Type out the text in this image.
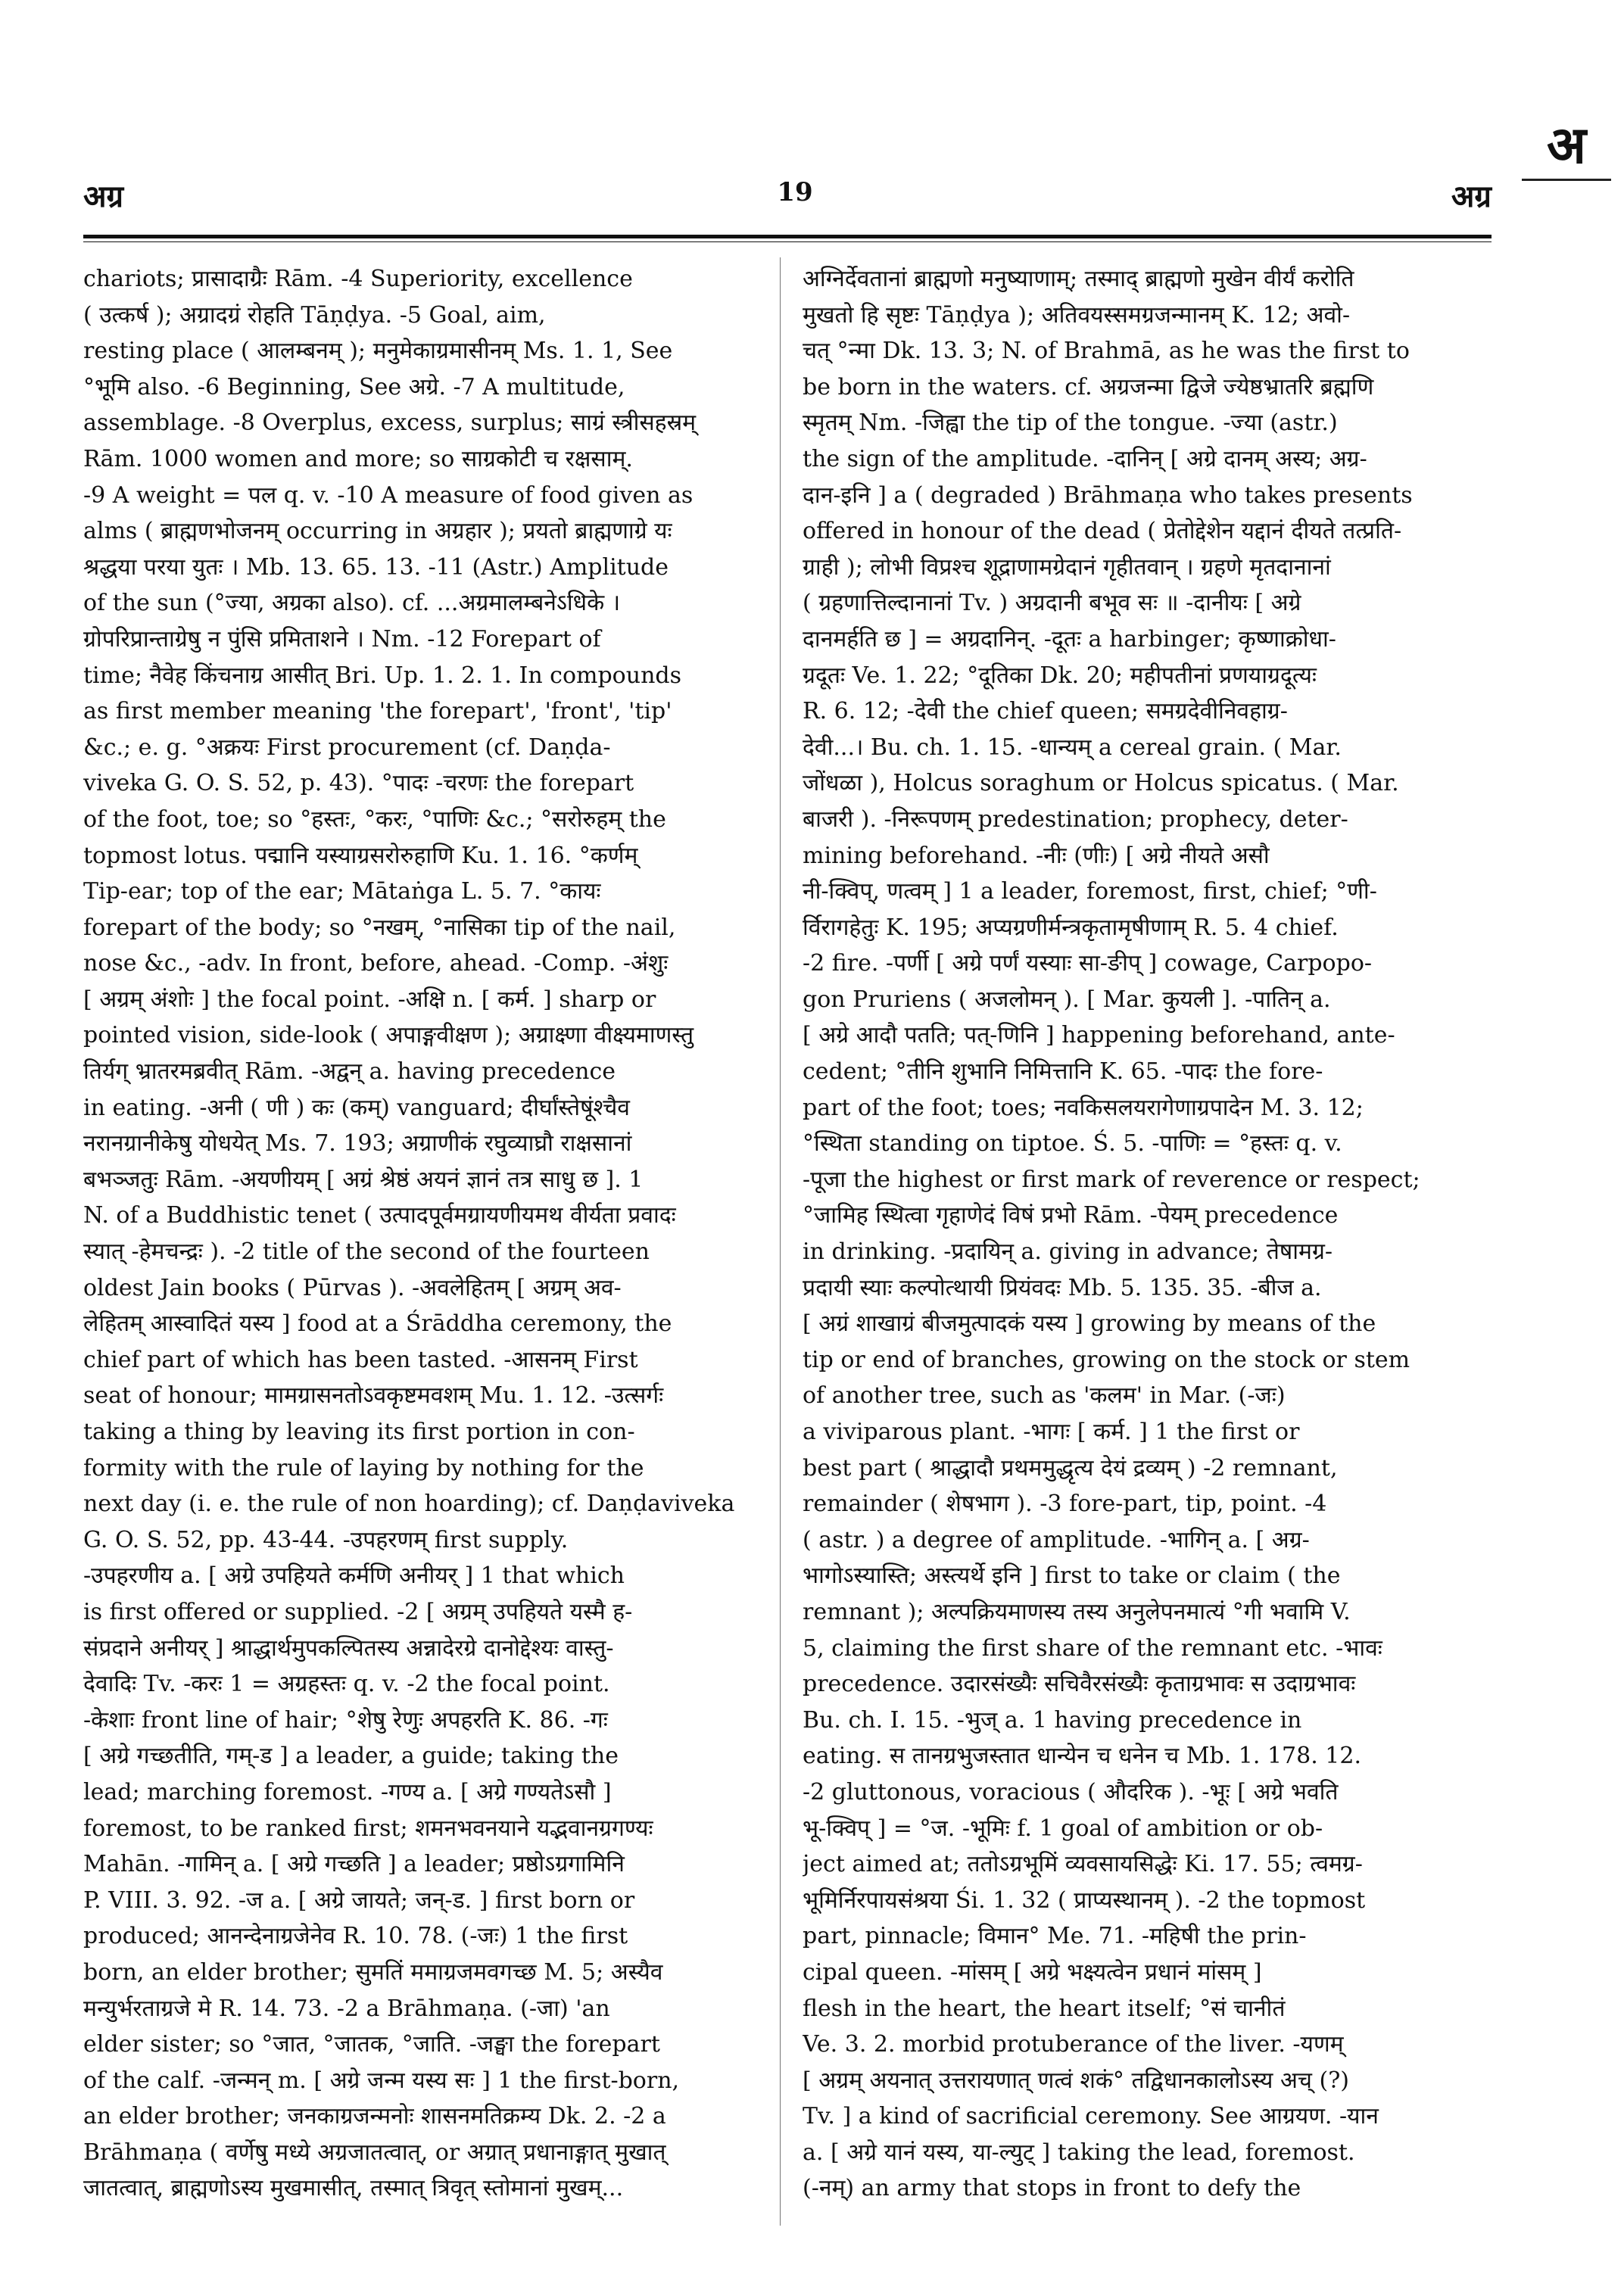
अ
अग्र	19	अग्र
chariots; प्रासादाग्रैः Rām. -4 Superiority, excellence
( उत्कर्ष ); अग्रादग्रं रोहति Tāṇḍya. -5 Goal, aim,
resting place ( आलम्बनम् ); मनुमेकाग्रमासीनम् Ms. 1. 1, See
°भूमि also. -6 Beginning, See अग्रे. -7 A multitude,
assemblage. -8 Overplus, excess, surplus; साग्रं स्त्रीसहस्रम्
Rām. 1000 women and more; so साग्रकोटी च रक्षसाम्.
-9 A weight = पल q. v. -10 A measure of food given as
alms ( ब्राह्मणभोजनम् occurring in अग्रहार ); प्रयतो ब्राह्मणाग्रे यः
श्रद्धया परया युतः । Mb. 13. 65. 13. -11 (Astr.) Amplitude
of the sun (°ज्या, अग्रका also). cf. ...अग्रमालम्बनेऽधिके ।
ग्रोपरिप्रान्ताग्रेषु न पुंसि प्रमिताशने । Nm. -12 Forepart of
time; नैवेह किंचनाग्र आसीत् Bri. Up. 1. 2. 1. In compounds
as first member meaning 'the forepart', 'front', 'tip'
&c.; e. g. °अक्रयः First procurement (cf. Daṇḍa-
viveka G. O. S. 52, p. 43). °पादः -चरणः the forepart
of the foot, toe; so °हस्तः, °करः, °पाणिः &c.; °सरोरुहम् the
topmost lotus. पद्मानि यस्याग्रसरोरुहाणि Ku. 1. 16. °कर्णम्
Tip-ear; top of the ear; Mātaṅga L. 5. 7. °कायः
forepart of the body; so °नखम्, °नासिका tip of the nail,
nose &c., -adv. In front, before, ahead. -Comp. -अंशुः
[ अग्रम् अंशोः ] the focal point. -अक्षि n. [ कर्म. ] sharp or
pointed vision, side-look ( अपाङ्गवीक्षण ); अग्राक्ष्णा वीक्ष्यमाणस्तु
तिर्यग् भ्रातरमब्रवीत् Rām. -अद्वन् a. having precedence
in eating. -अनी ( णी ) कः (कम्) vanguard; दीर्घांस्तेषूंश्चैव
नरानग्रानीकेषु योधयेत् Ms. 7. 193; अग्राणीकं रघुव्याघ्रौ राक्षसानां
बभञ्जतुः Rām. -अयणीयम् [ अग्रं श्रेष्ठं अयनं ज्ञानं तत्र साधु छ ]. 1
N. of a Buddhistic tenet ( उत्पादपूर्वमग्रायणीयमथ वीर्यता प्रवादः
स्यात् -हेमचन्द्रः ). -2 title of the second of the fourteen
oldest Jain books ( Pūrvas ). -अवलेहितम् [ अग्रम् अव-
लेहितम् आस्वादितं यस्य ] food at a Śrāddha ceremony, the
chief part of which has been tasted. -आसनम् First
seat of honour; मामग्रासनतोऽवकृष्टमवशम् Mu. 1. 12. -उत्सर्गः
taking a thing by leaving its first portion in con-
formity with the rule of laying by nothing for the
next day (i. e. the rule of non hoarding); cf. Daṇḍaviveka
G. O. S. 52, pp. 43-44. -उपहरणम् first supply.
-उपहरणीय a. [ अग्रे उपहियते कर्मणि अनीयर् ] 1 that which
is first offered or supplied. -2 [ अग्रम् उपहियते यस्मै ह-
संप्रदाने अनीयर् ] श्राद्धार्थमुपकल्पितस्य अन्नादेरग्रे दानोद्देश्यः वास्तु-
देवादिः Tv. -करः 1 = अग्रहस्तः q. v. -2 the focal point.
-केशाः front line of hair; °शेषु रेणुः अपहरति K. 86. -गः
[ अग्रे गच्छतीति, गम्-ड ] a leader, a guide; taking the
lead; marching foremost. -गण्य a. [ अग्रे गण्यतेऽसौ ]
foremost, to be ranked first; शमनभवनयाने यद्भवानग्रगण्यः
Mahān. -गामिन् a. [ अग्रे गच्छति ] a leader; प्रष्ठोऽग्रगामिनि
P. VIII. 3. 92. -ज a. [ अग्रे जायते; जन्-ड. ] first born or
produced; आनन्देनाग्रजेनेव R. 10. 78. (-जः) 1 the first
born, an elder brother; सुमतिं ममाग्रजमवगच्छ M. 5; अस्यैव
मन्युर्भरताग्रजे मे R. 14. 73. -2 a Brāhmaṇa. (-जा) 'an
elder sister; so °जात, °जातक, °जाति. -जङ्घा the forepart
of the calf. -जन्मन् m. [ अग्रे जन्म यस्य सः ] 1 the first-born,
an elder brother; जनकाग्रजन्मनोः शासनमतिक्रम्य Dk. 2. -2 a
Brāhmaṇa ( वर्णेषु मध्ये अग्रजातत्वात्, or अग्रात् प्रधानाङ्गात् मुखात्
जातत्वात्, ब्राह्मणोऽस्य मुखमासीत्, तस्मात् त्रिवृत् स्तोमानां मुखम्...
अग्निर्देवतानां ब्राह्मणो मनुष्याणाम्; तस्माद् ब्राह्मणो मुखेन वीर्यं करोति
मुखतो हि सृष्टः Tāṇḍya ); अतिवयस्समग्रजन्मानम् K. 12; अवो-
चत् °न्मा Dk. 13. 3; N. of Brahmā, as he was the first to
be born in the waters. cf. अग्रजन्मा द्विजे ज्येष्ठभ्रातरि ब्रह्मणि
स्मृतम् Nm. -जिह्वा the tip of the tongue. -ज्या (astr.)
the sign of the amplitude. -दानिन् [ अग्रे दानम् अस्य; अग्र-
दान-इनि ] a ( degraded ) Brāhmaṇa who takes presents
offered in honour of the dead ( प्रेतोद्देशेन यद्दानं दीयते तत्प्रति-
ग्राही ); लोभी विप्रश्च शूद्राणामग्रेदानं गृहीतवान् । ग्रहणे मृतदानानां
( ग्रहणात्तिल्दानानां Tv. ) अग्रदानी बभूव सः ॥ -दानीयः [ अग्रे
दानमर्हति छ ] = अग्रदानिन्. -दूतः a harbinger; कृष्णाक्रोधा-
ग्रदूतः Ve. 1. 22; °दूतिका Dk. 20; महीपतीनां प्रणयाग्रदूत्यः
R. 6. 12; -देवी the chief queen; समग्रदेवीनिवहाग्र-
देवी...। Bu. ch. 1. 15. -धान्यम् a cereal grain. ( Mar.
जोंधळा ), Holcus soraghum or Holcus spicatus. ( Mar.
बाजरी ). -निरूपणम् predestination; prophecy, deter-
mining beforehand. -नीः (णीः) [ अग्रे नीयते असौ
नी-क्विप्, णत्वम् ] 1 a leader, foremost, first, chief; °णी-
र्विरागहेतुः K. 195; अप्यग्रणीर्मन्त्रकृतामृषीणाम् R. 5. 4 chief.
-2 fire. -पर्णी [ अग्रे पर्णं यस्याः सा-ङीप् ] cowage, Carpopo-
gon Pruriens ( अजलोमन् ). [ Mar. कुयली ]. -पातिन् a.
[ अग्रे आदौ पतति; पत्-णिनि ] happening beforehand, ante-
cedent; °तीनि शुभानि निमित्तानि K. 65. -पादः the fore-
part of the foot; toes; नवकिसलयरागेणाग्रपादेन M. 3. 12;
°स्थिता standing on tiptoe. Ś. 5. -पाणिः = °हस्तः q. v.
-पूजा the highest or first mark of reverence or respect;
°जामिह स्थित्वा गृहाणेदं विषं प्रभो Rām. -पेयम् precedence
in drinking. -प्रदायिन् a. giving in advance; तेषामग्र-
प्रदायी स्याः कल्पोत्थायी प्रियंवदः Mb. 5. 135. 35. -बीज a.
[ अग्रं शाखाग्रं बीजमुत्पादकं यस्य ] growing by means of the
tip or end of branches, growing on the stock or stem
of another tree, such as 'कलम' in Mar. (-जः)
a viviparous plant. -भागः [ कर्म. ] 1 the first or
best part ( श्राद्धादौ प्रथममुद्धृत्य देयं द्रव्यम् ) -2 remnant,
remainder ( शेषभाग ). -3 fore-part, tip, point. -4
( astr. ) a degree of amplitude. -भागिन् a. [ अग्र-
भागोऽस्यास्ति; अस्त्यर्थे इनि ] first to take or claim ( the
remnant ); अल्पक्रियमाणस्य तस्य अनुलेपनमात्यं °गी भवामि V.
5, claiming the first share of the remnant etc. -भावः
precedence. उदारसंख्यैः सचिवैरसंख्यैः कृताग्रभावः स उदाग्रभावः
Bu. ch. I. 15. -भुज् a. 1 having precedence in
eating. स तानग्रभुजस्तात धान्येन च धनेन च Mb. 1. 178. 12.
-2 gluttonous, voracious ( औदरिक ). -भूः [ अग्रे भवति
भू-क्विप् ] = °ज. -भूमिः f. 1 goal of ambition or ob-
ject aimed at; ततोऽग्रभूमिं व्यवसायसिद्धेः Ki. 17. 55; त्वमग्र-
भूमिर्निरपायसंश्रया Śi. 1. 32 ( प्राप्यस्थानम् ). -2 the topmost
part, pinnacle; विमान° Me. 71. -महिषी the prin-
cipal queen. -मांसम् [ अग्रे भक्ष्यत्वेन प्रधानं मांसम् ]
flesh in the heart, the heart itself; °सं चानीतं
Ve. 3. 2. morbid protuberance of the liver. -यणम्
[ अग्रम् अयनात् उत्तरायणात् णत्वं शकं° तद्विधानकालोऽस्य अच् (?)
Tv. ] a kind of sacrificial ceremony. See आग्रयण. -यान
a. [ अग्रे यानं यस्य, या-ल्युट् ] taking the lead, foremost.
(-नम्) an army that stops in front to defy the
